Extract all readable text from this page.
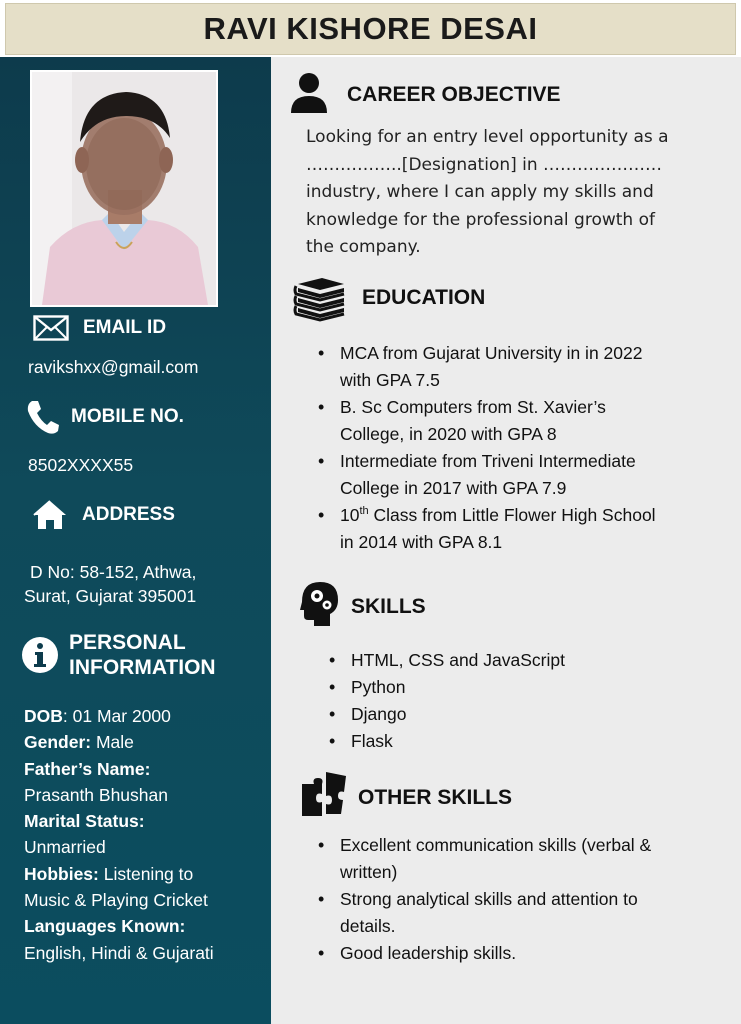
RAVI KISHORE DESAI
EMAIL ID
ravikshxx@gmail.com
MOBILE NO.
8502XXXX55
ADDRESS
D No: 58-152, Athwa,
Surat, Gujarat 395001
PERSONAL
INFORMATION
DOB: 01 Mar 2000
Gender: Male
Father’s Name:
Prasanth Bhushan
Marital Status:
Unmarried
Hobbies: Listening to
Music & Playing Cricket
Languages Known:
English, Hindi & Gujarati
CAREER OBJECTIVE
Looking for an entry level opportunity as a
……………..[Designation] in …………………
industry, where I can apply my skills and
knowledge for the professional growth of
the company.
EDUCATION
• MCA from Gujarat University in in 2022
with GPA 7.5
• B. Sc Computers from St. Xavier’s
College, in 2020 with GPA 8
• Intermediate from Triveni Intermediate
College in 2017 with GPA 7.9
• 10th Class from Little Flower High School
in 2014 with GPA 8.1
SKILLS
• HTML, CSS and JavaScript
• Python
• Django
• Flask
OTHER SKILLS
• Excellent communication skills (verbal &
written)
• Strong analytical skills and attention to
details.
• Good leadership skills.
